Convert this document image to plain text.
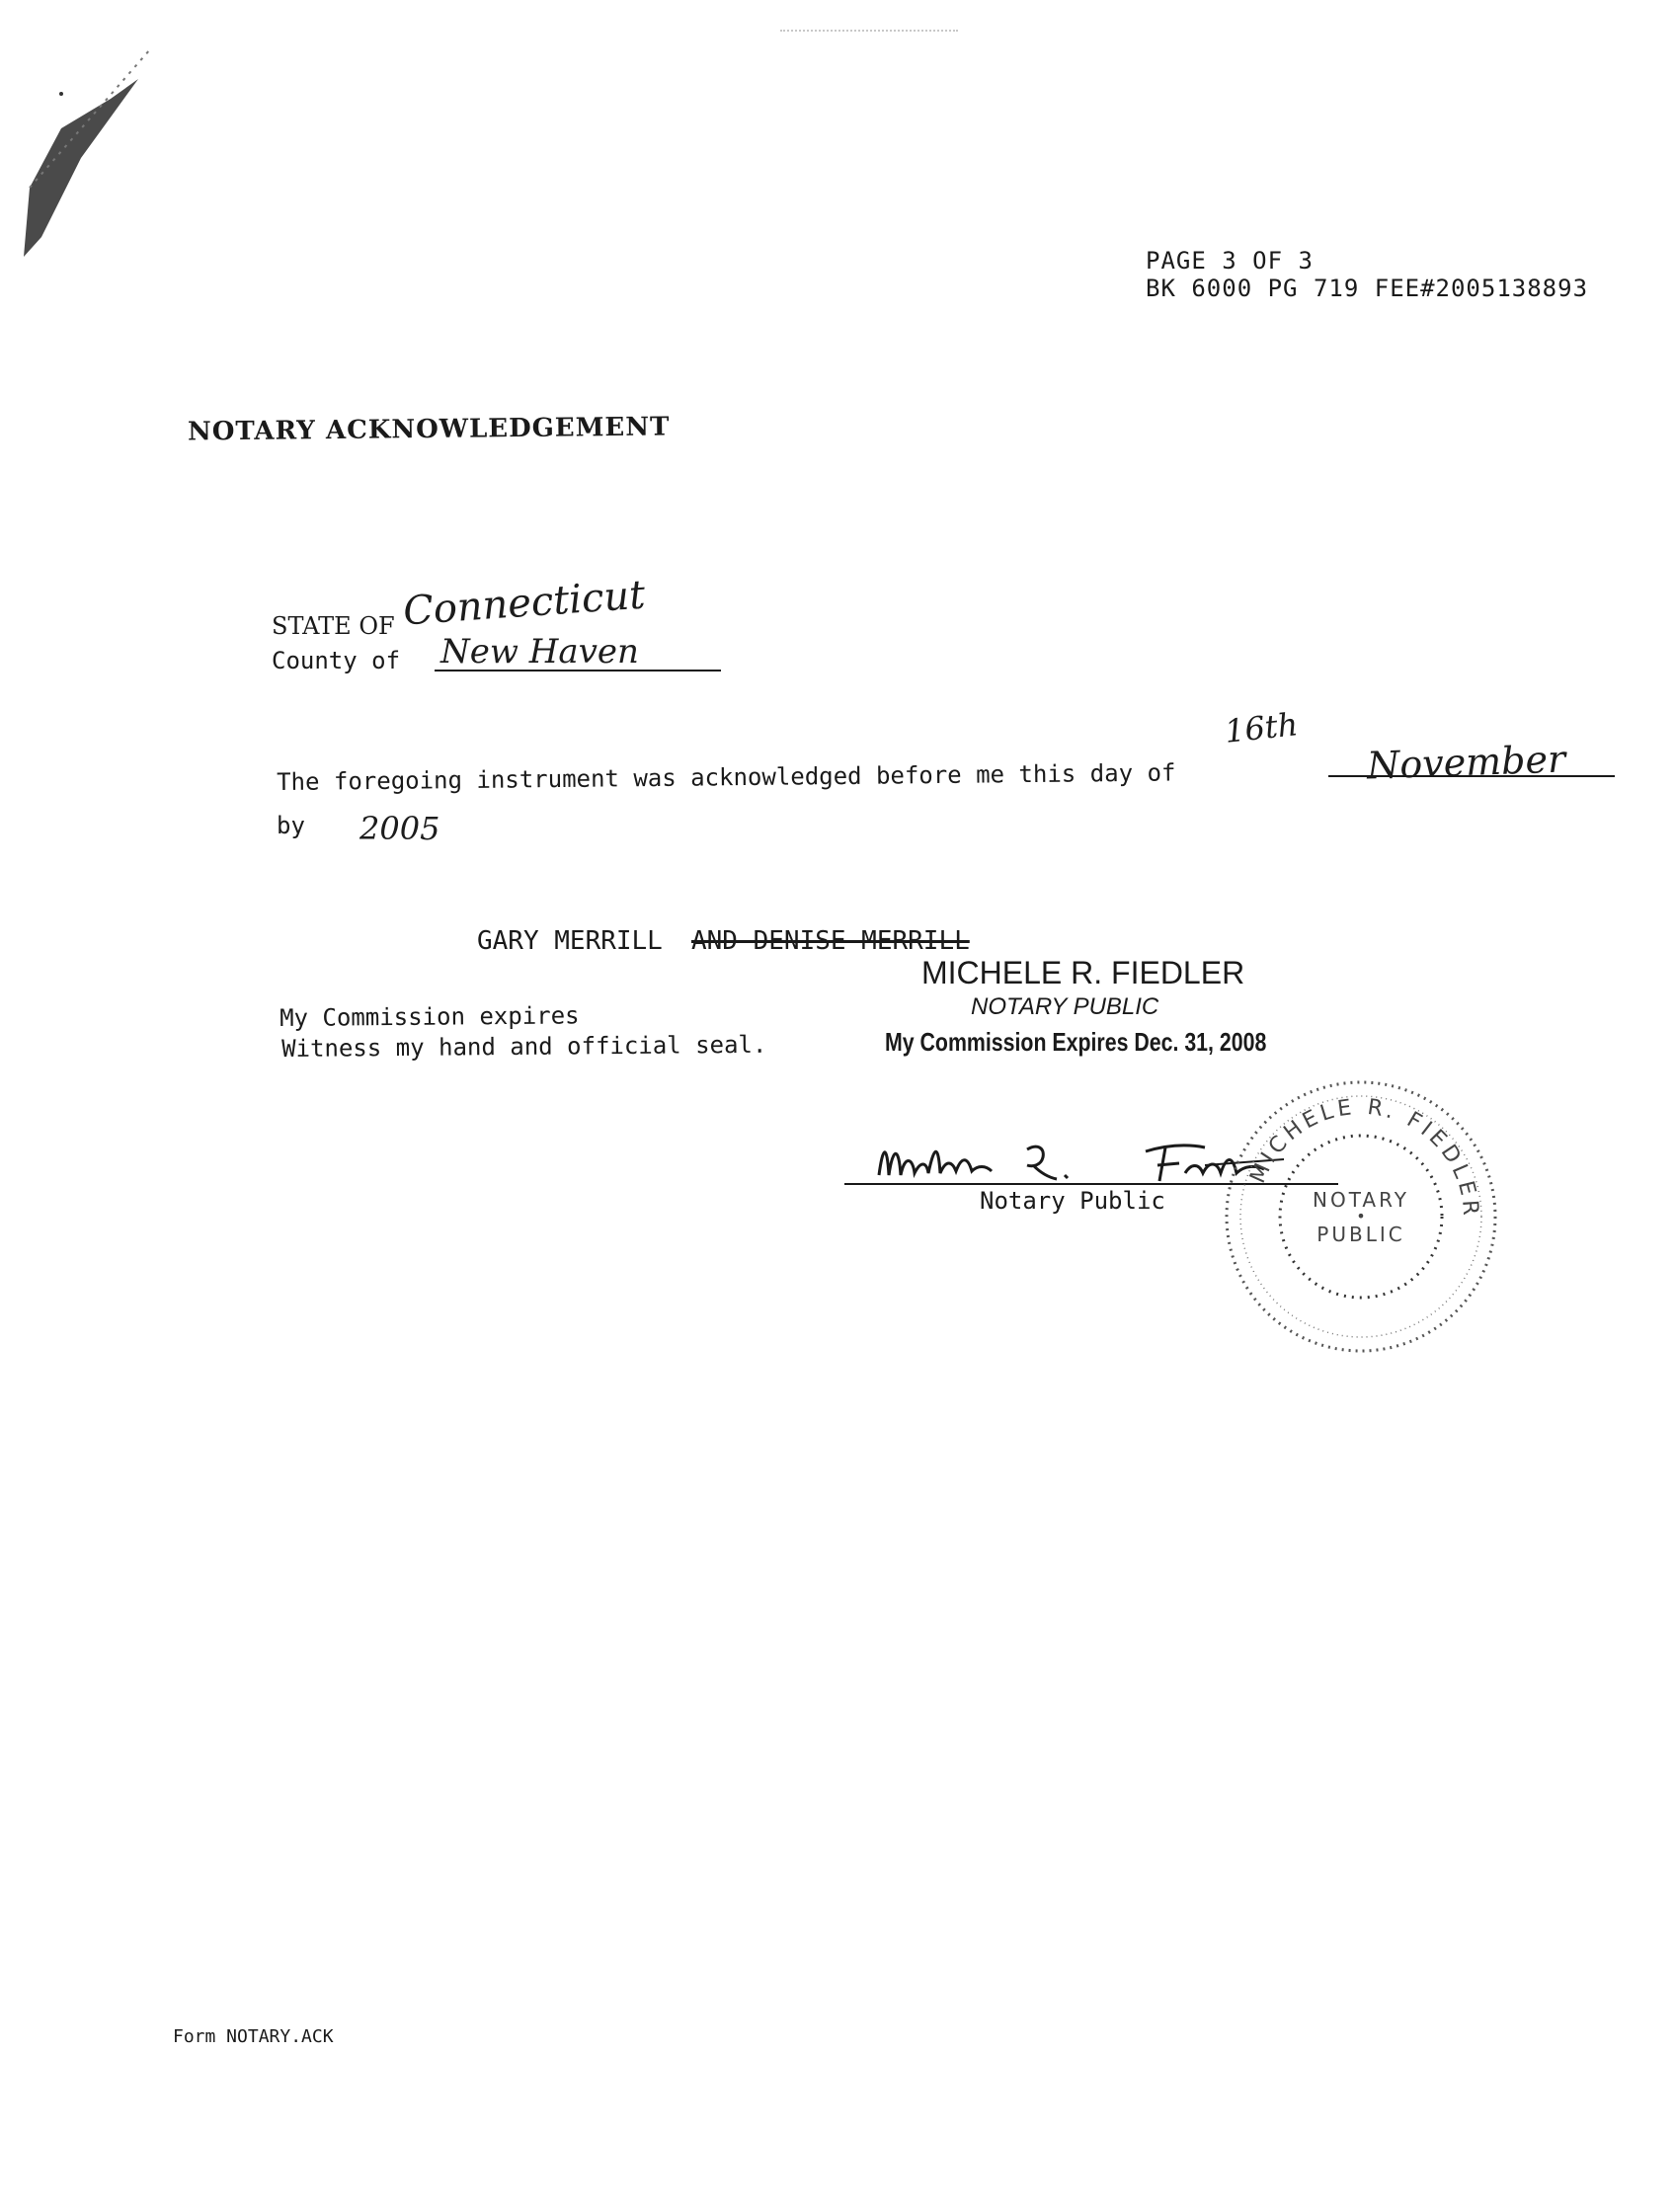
PAGE 3 OF 3
BK 6000 PG 719 FEE#2005138893
NOTARY ACKNOWLEDGEMENT
STATE OF Connecticut
County of New Haven
The foregoing instrument was acknowledged before me this day of
16th
November
by 2005
GARY MERRILL AND DENISE MERRILL
My Commission expires
Witness my hand and official seal.
MICHELE R. FIEDLER
NOTARY PUBLIC
My Commission Expires Dec. 31, 2008
Notary Public
MICHELE R. FIEDLER
NOTARY
PUBLIC
•
Form NOTARY.ACK
